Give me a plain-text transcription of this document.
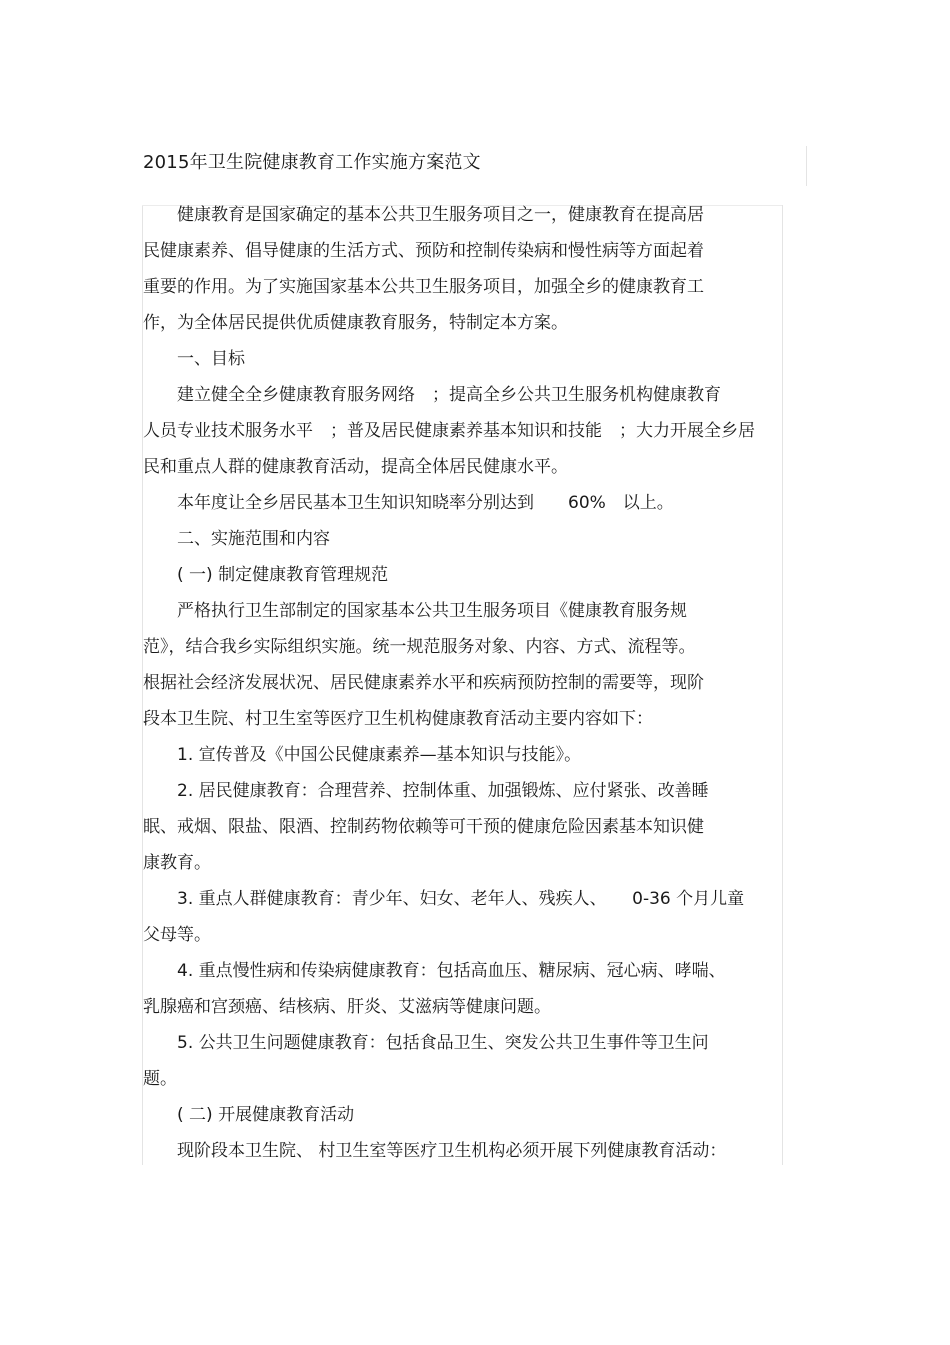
2015年卫生院健康教育工作实施方案范文
　　健康教育是国家确定的基本公共卫生服务项目之一，健康教育在提高居
民健康素养、倡导健康的生活方式、预防和控制传染病和慢性病等方面起着
重要的作用。为了实施国家基本公共卫生服务项目，加强全乡的健康教育工
作，为全体居民提供优质健康教育服务，特制定本方案。
　　一、目标
　　建立健全全乡健康教育服务网络　；提高全乡公共卫生服务机构健康教育
人员专业技术服务水平　；普及居民健康素养基本知识和技能　；大力开展全乡居
民和重点人群的健康教育活动，提高全体居民健康水平。
　　本年度让全乡居民基本卫生知识知晓率分别达到　　60%　以上。
　　二、实施范围和内容
　　( 一) 制定健康教育管理规范
　　严格执行卫生部制定的国家基本公共卫生服务项目《健康教育服务规
范》，结合我乡实际组织实施。统一规范服务对象、内容、方式、流程等。
根据社会经济发展状况、居民健康素养水平和疾病预防控制的需要等，现阶
段本卫生院、村卫生室等医疗卫生机构健康教育活动主要内容如下：
　　1. 宣传普及《中国公民健康素养—基本知识与技能》。
　　2. 居民健康教育：合理营养、控制体重、加强锻炼、应付紧张、改善睡
眠、戒烟、限盐、限酒、控制药物依赖等可干预的健康危险因素基本知识健
康教育。
　　3. 重点人群健康教育：青少年、妇女、老年人、残疾人、　　0-36 个月儿童
父母等。
　　4. 重点慢性病和传染病健康教育：包括高血压、糖尿病、冠心病、哮喘、
乳腺癌和宫颈癌、结核病、肝炎、艾滋病等健康问题。
　　5. 公共卫生问题健康教育：包括食品卫生、突发公共卫生事件等卫生问
题。
　　( 二) 开展健康教育活动
　　现阶段本卫生院、 村卫生室等医疗卫生机构必须开展下列健康教育活动：
